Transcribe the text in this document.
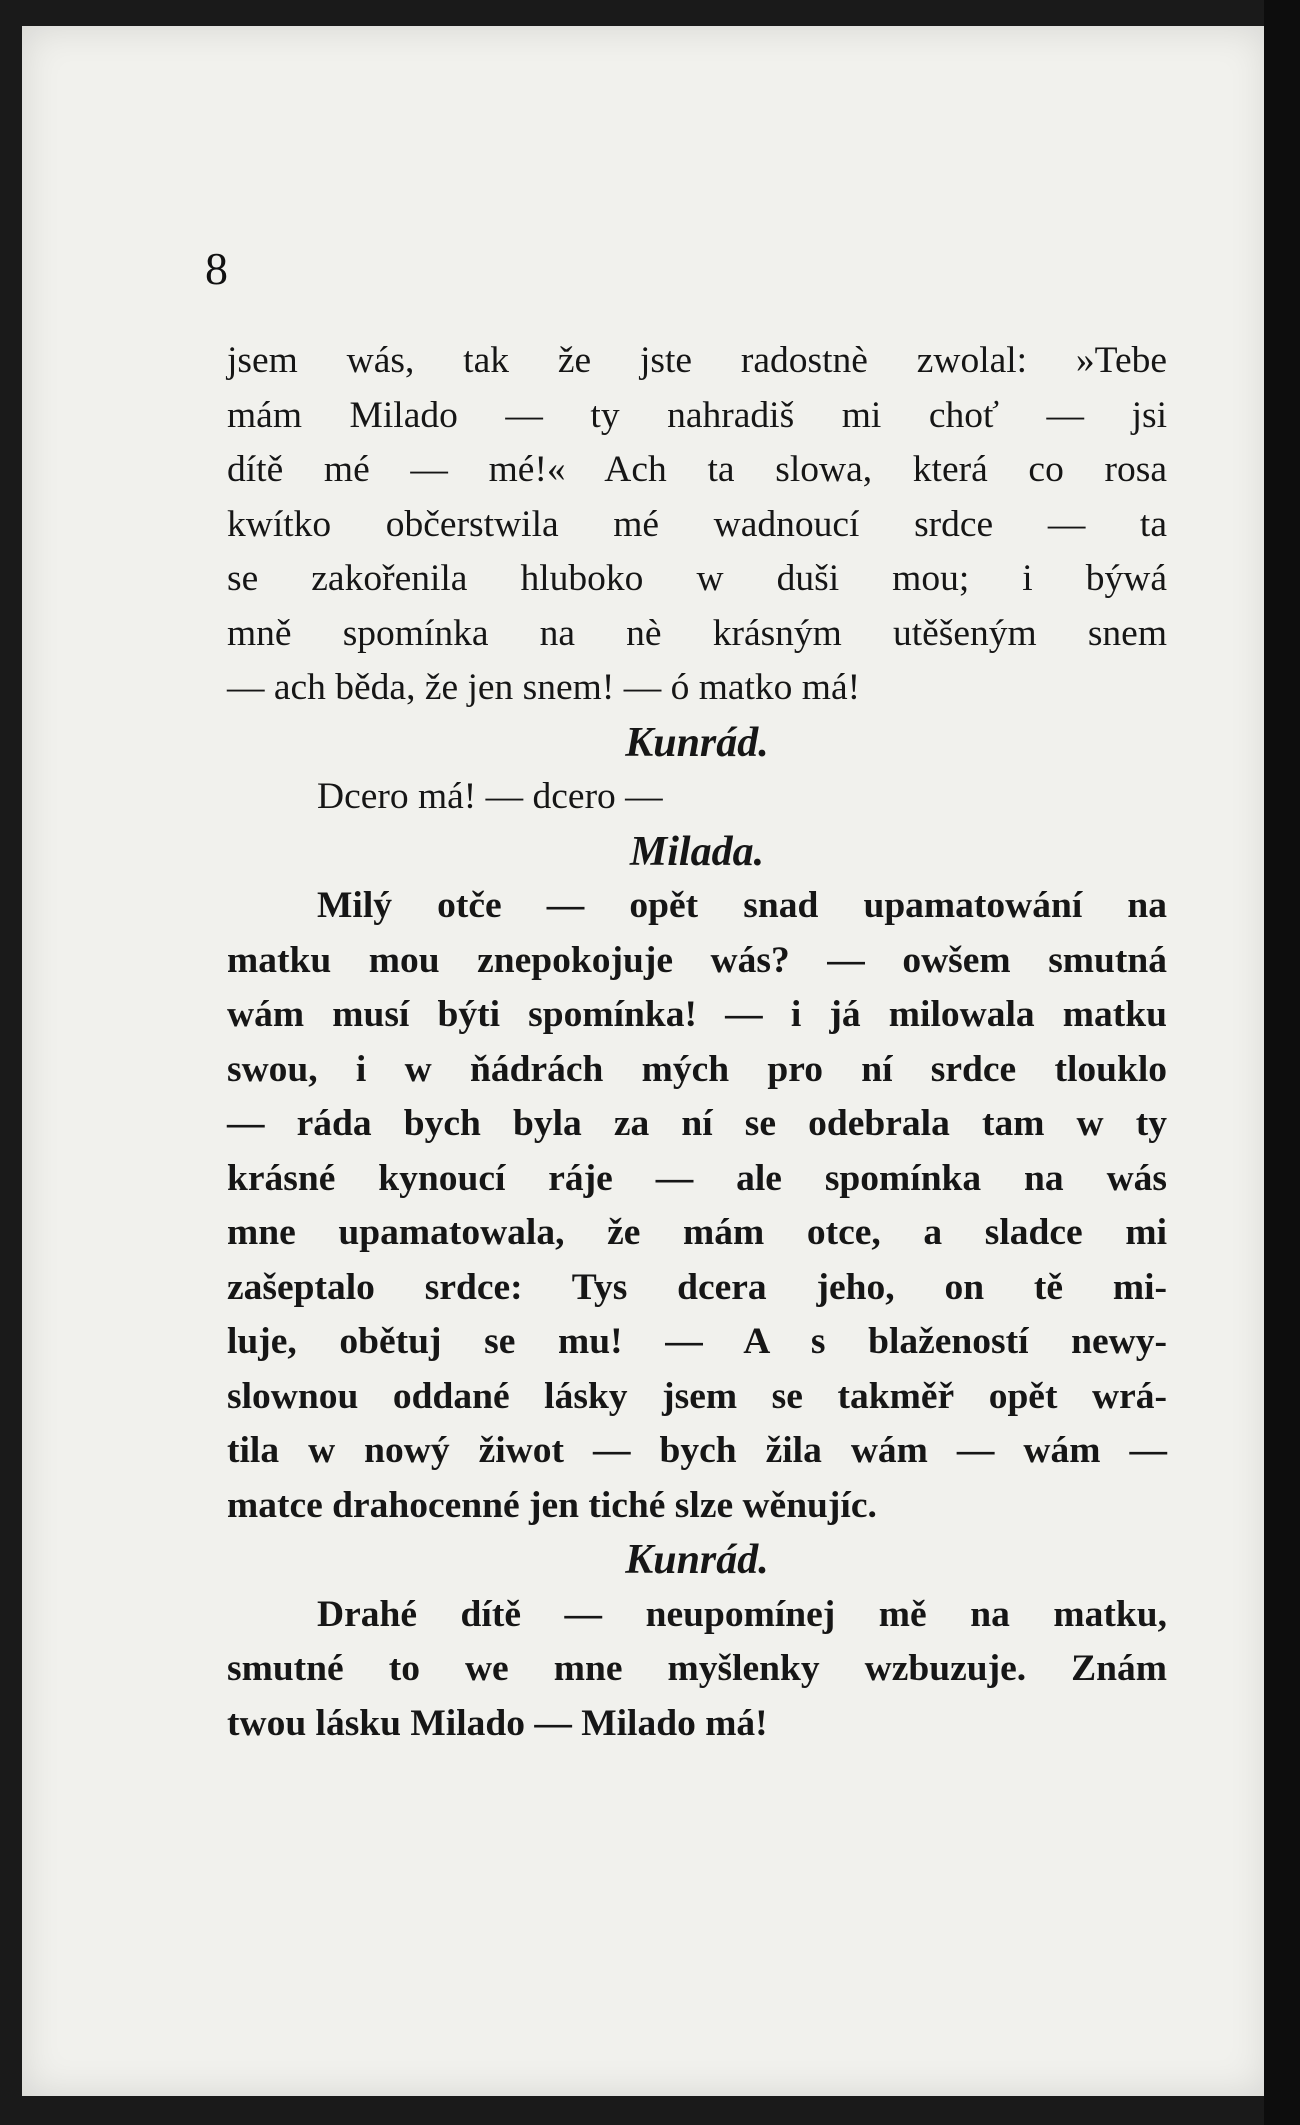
8
jsem wás, tak že jste radostnè zwolal: »Tebe
mám Milado — ty nahradiš mi choť — jsi
dítě mé — mé!« Ach ta slowa, která co rosa
kwítko občerstwila mé wadnoucí srdce — ta
se zakořenila hluboko w duši mou; i býwá
mně spomínka na nè krásným utěšeným snem
— ach běda, že jen snem! — ó matko má!
Kunrád.
Dcero má! — dcero —
Milada.
Milý otče — opět snad upamatowání na
matku mou znepokojuje wás? — owšem smutná
wám musí býti spomínka! — i já milowala matku
swou, i w ňádrách mých pro ní srdce tlouklo
— ráda bych byla za ní se odebrala tam w ty
krásné kynoucí ráje — ale spomínka na wás
mne upamatowala, že mám otce, a sladce mi
zašeptalo srdce: Tys dcera jeho, on tě mi-
luje, obětuj se mu! — A s blažeností newy-
slownou oddané lásky jsem se takměř opět wrá-
tila w nowý žiwot — bych žila wám — wám —
matce drahocenné jen tiché slze wěnujíc.
Kunrád.
Drahé dítě — neupomínej mě na matku,
smutné to we mne myšlenky wzbuzuje. Znám
twou lásku Milado — Milado má!
